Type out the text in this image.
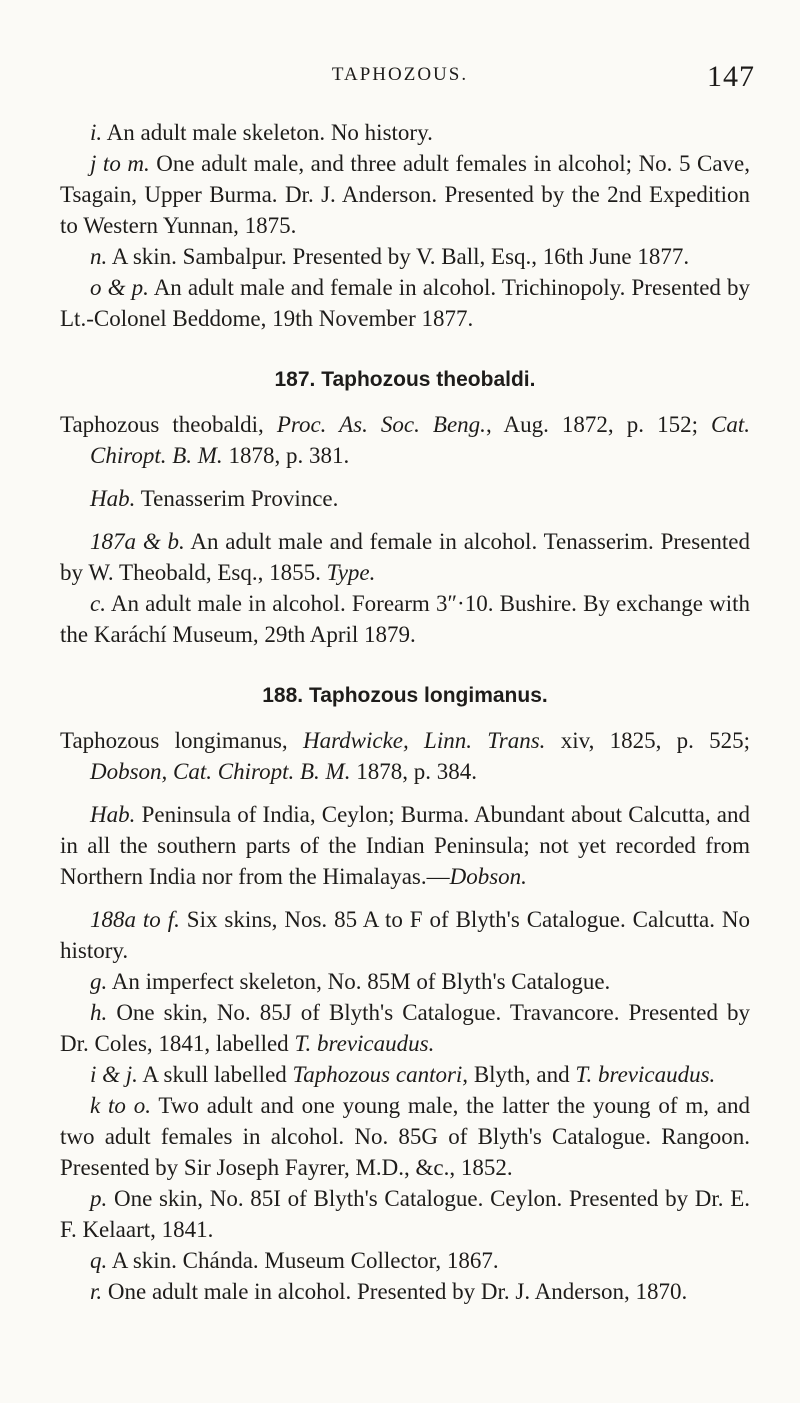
TAPHOZOUS.	147

i. An adult male skeleton. No history.

j to m. One adult male, and three adult females in alcohol; No. 5 Cave, Tsagain, Upper Burma. Dr. J. Anderson. Presented by the 2nd Expedition to Western Yunnan, 1875.

n. A skin. Sambalpur. Presented by V. Ball, Esq., 16th June 1877.

o & p. An adult male and female in alcohol. Trichinopoly. Presented by Lt.-Colonel Beddome, 19th November 1877.

187. Taphozous theobaldi.

Taphozous theobaldi, Proc. As. Soc. Beng., Aug. 1872, p. 152; Cat. Chiropt. B. M. 1878, p. 381.

Hab. Tenasserim Province.

187a & b. An adult male and female in alcohol. Tenasserim. Presented by W. Theobald, Esq., 1855. Type.

c. An adult male in alcohol. Forearm 3″·10. Bushire. By exchange with the Karáchí Museum, 29th April 1879.

188. Taphozous longimanus.

Taphozous longimanus, Hardwicke, Linn. Trans. xiv, 1825, p. 525; Dobson, Cat. Chiropt. B. M. 1878, p. 384.

Hab. Peninsula of India, Ceylon; Burma. Abundant about Calcutta, and in all the southern parts of the Indian Peninsula; not yet recorded from Northern India nor from the Himalayas.—Dobson.

188a to f. Six skins, Nos. 85 A to F of Blyth's Catalogue. Calcutta. No history.

g. An imperfect skeleton, No. 85M of Blyth's Catalogue.

h. One skin, No. 85J of Blyth's Catalogue. Travancore. Presented by Dr. Coles, 1841, labelled T. brevicaudus.

i & j. A skull labelled Taphozous cantori, Blyth, and T. brevicaudus.

k to o. Two adult and one young male, the latter the young of m, and two adult females in alcohol. No. 85G of Blyth's Catalogue. Rangoon. Presented by Sir Joseph Fayrer, M.D., &c., 1852.

p. One skin, No. 85I of Blyth's Catalogue. Ceylon. Presented by Dr. E. F. Kelaart, 1841.

q. A skin. Chánda. Museum Collector, 1867.

r. One adult male in alcohol. Presented by Dr. J. Anderson, 1870.
